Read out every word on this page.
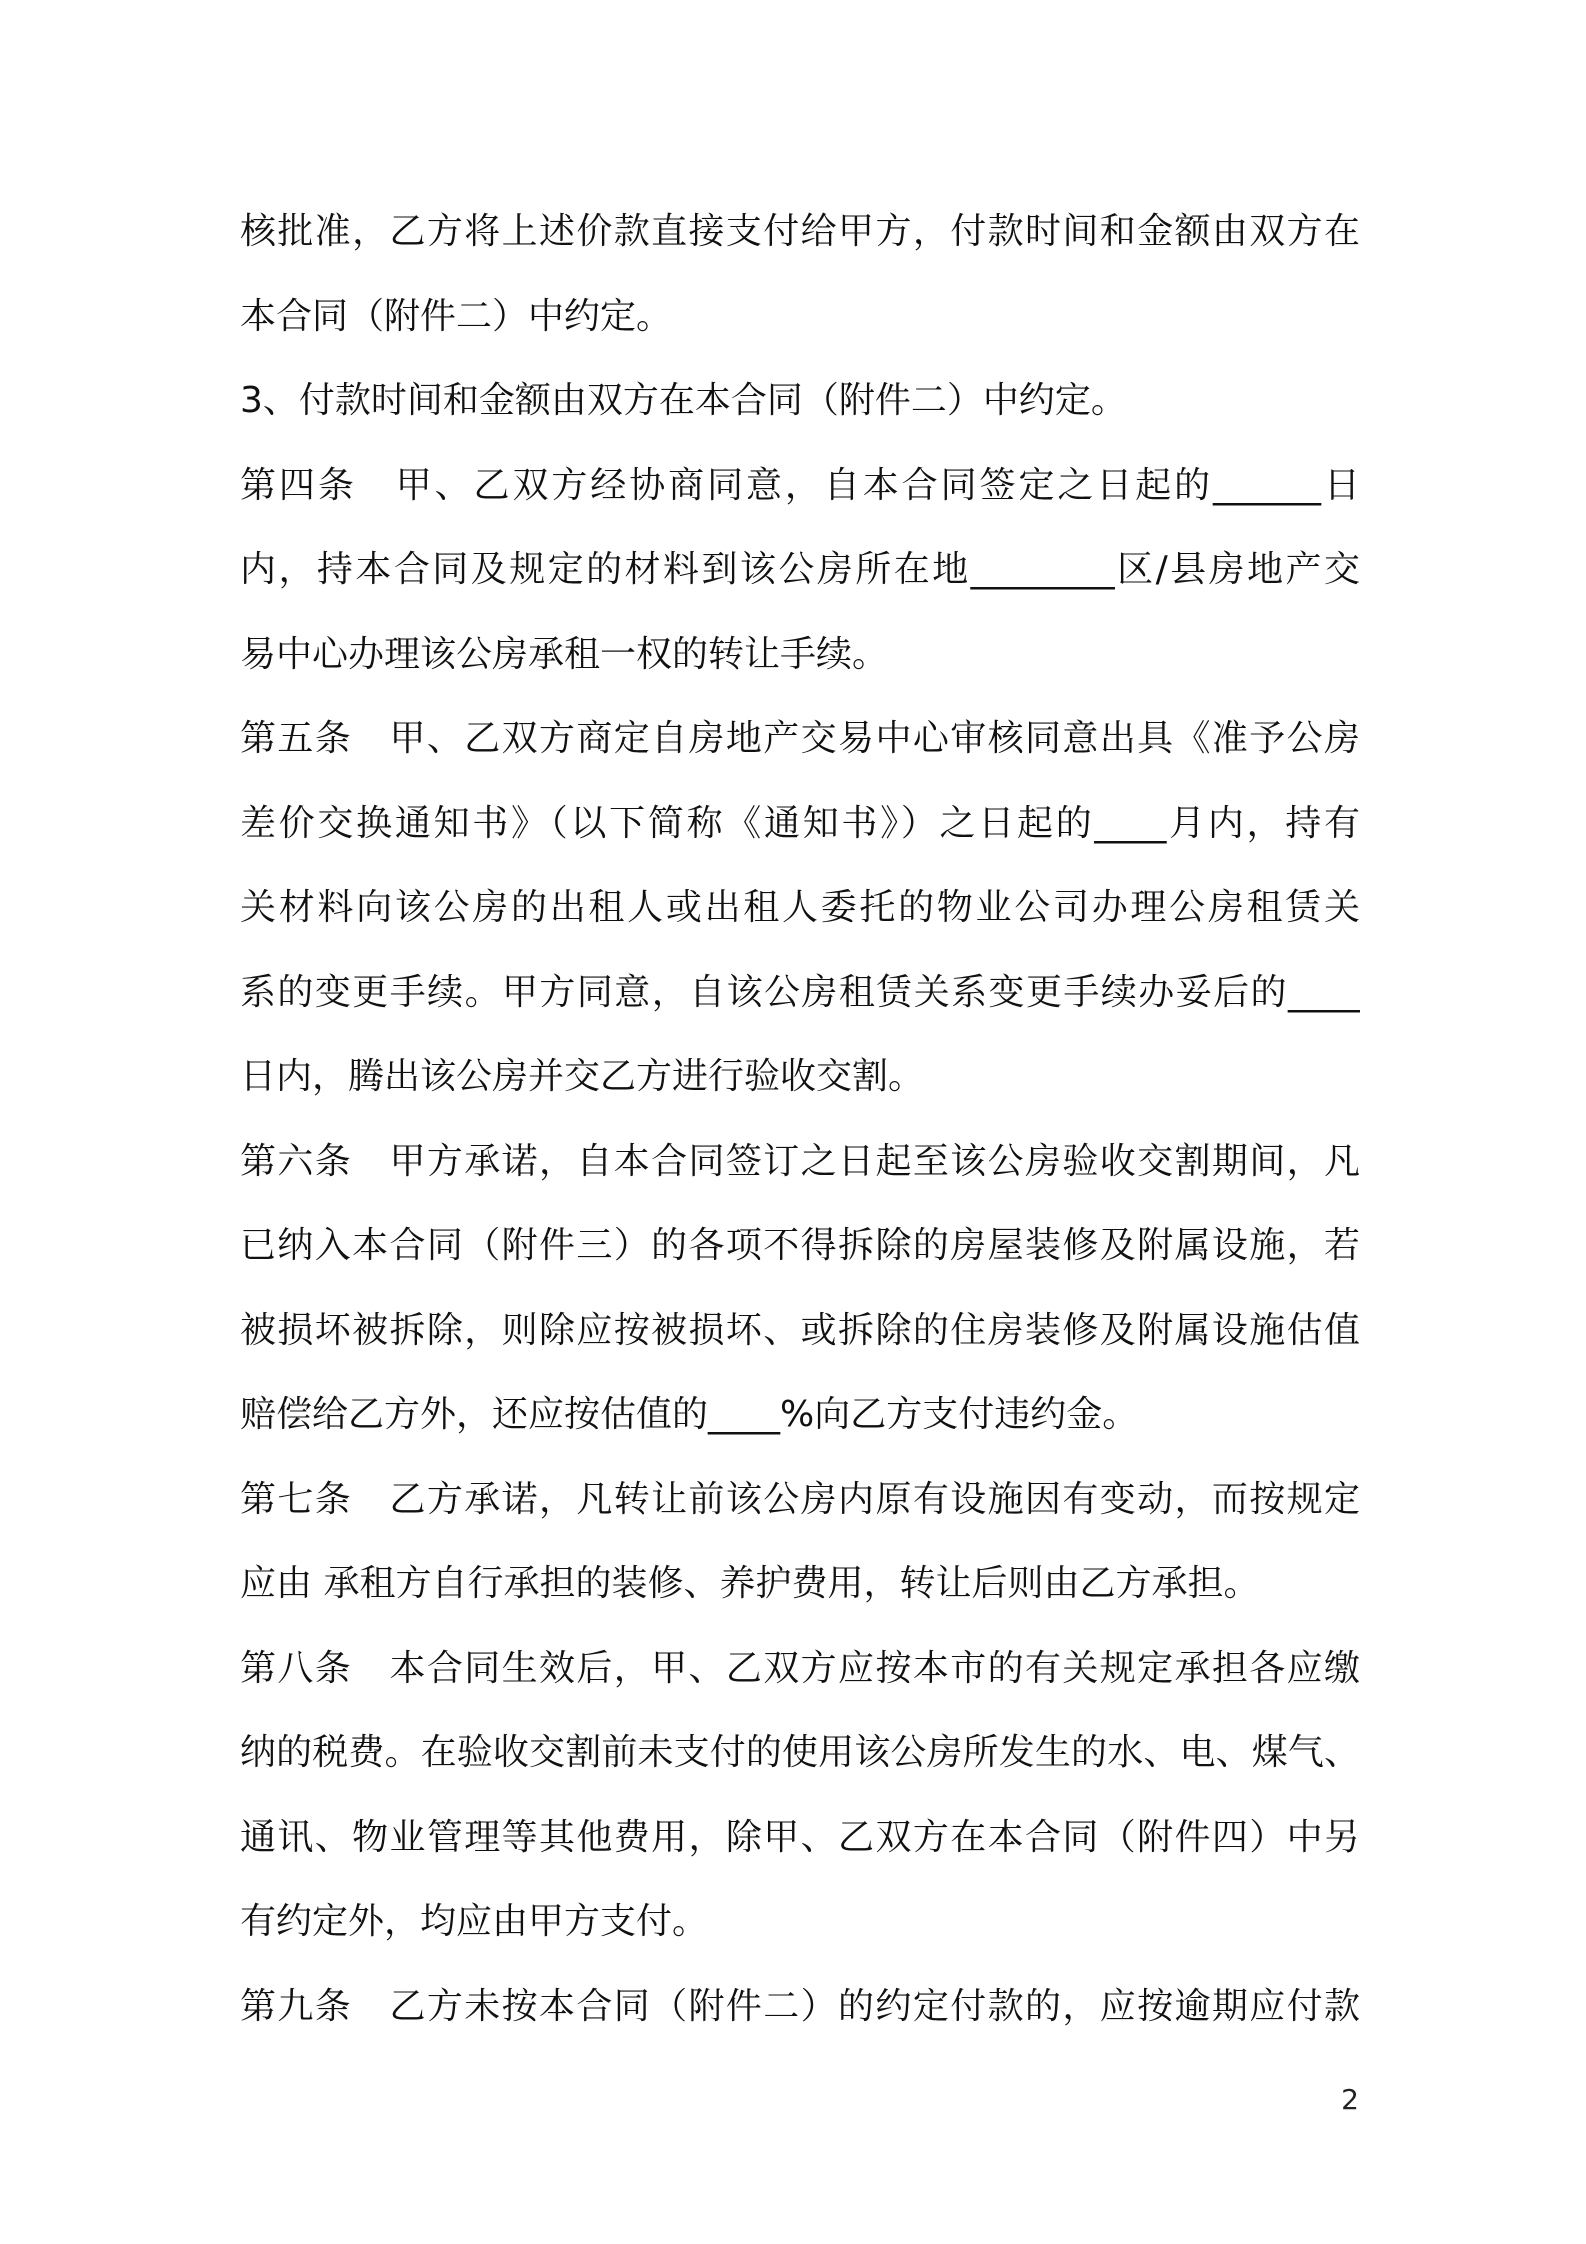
核批准，乙方将上述价款直接支付给甲方，付款时间和金额由双方在
本合同（附件二）中约定。
3、付款时间和金额由双方在本合同（附件二）中约定。
第四条　甲、乙双方经协商同意，自本合同签定之日起的______日
内，持本合同及规定的材料到该公房所在地________区/县房地产交
易中心办理该公房承租一权的转让手续。
第五条　甲、乙双方商定自房地产交易中心审核同意出具《准予公房
差价交换通知书》（以下简称《通知书》）之日起的____月内，持有
关材料向该公房的出租人或出租人委托的物业公司办理公房租赁关
系的变更手续。甲方同意，自该公房租赁关系变更手续办妥后的____
日内，腾出该公房并交乙方进行验收交割。
第六条　甲方承诺，自本合同签订之日起至该公房验收交割期间，凡
已纳入本合同（附件三）的各项不得拆除的房屋装修及附属设施，若
被损坏被拆除，则除应按被损坏、或拆除的住房装修及附属设施估值
赔偿给乙方外，还应按估值的____%向乙方支付违约金。
第七条　乙方承诺，凡转让前该公房内原有设施因有变动，而按规定
应由 承租方自行承担的装修、养护费用，转让后则由乙方承担。
第八条　本合同生效后，甲、乙双方应按本市的有关规定承担各应缴
纳的税费。在验收交割前未支付的使用该公房所发生的水、电、煤气、
通讯、物业管理等其他费用，除甲、乙双方在本合同（附件四）中另
有约定外，均应由甲方支付。
第九条　乙方未按本合同（附件二）的约定付款的，应按逾期应付款
2
